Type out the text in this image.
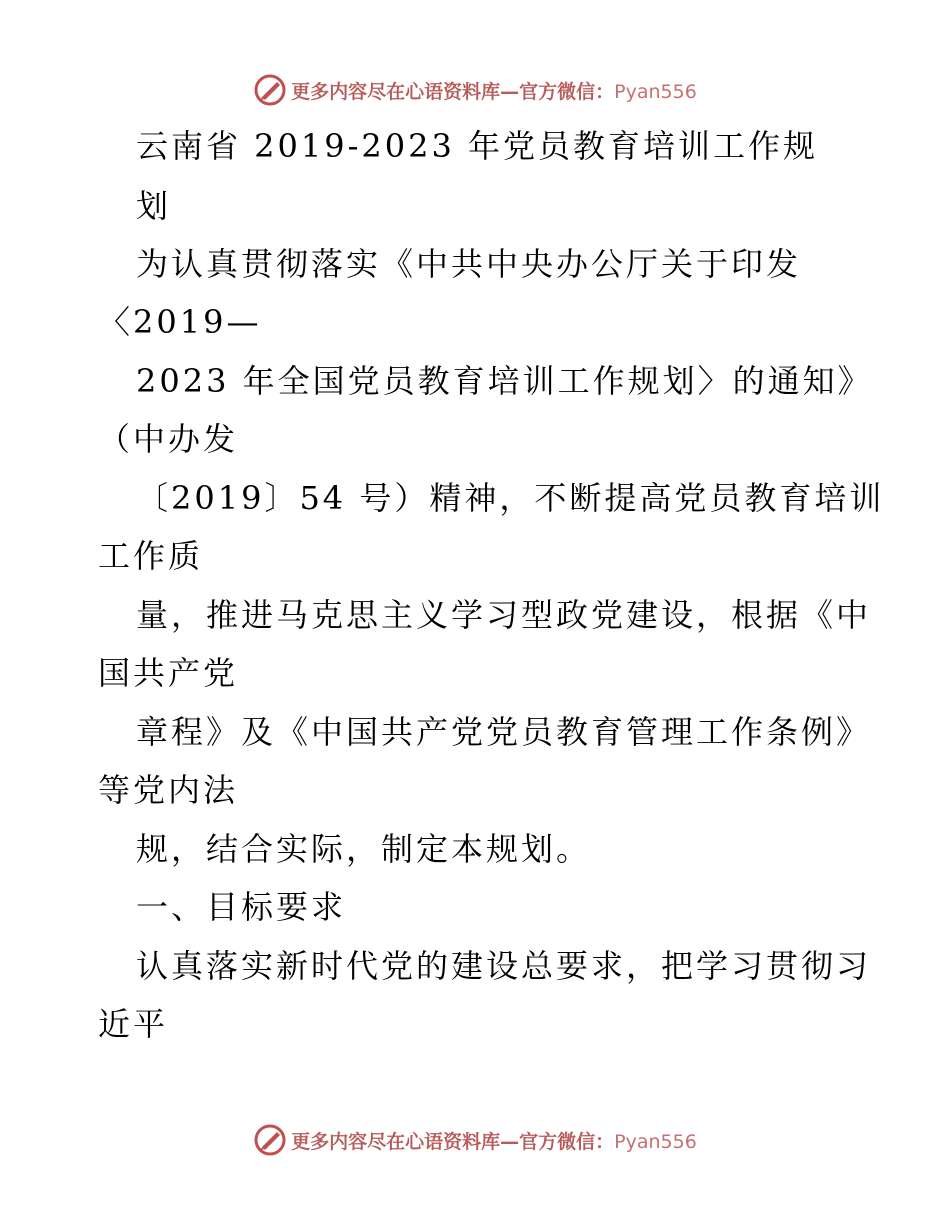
更多内容尽在心语资料库—官方微信：Pyan556
云南省 2019-2023 年党员教育培训工作规
划
为认真贯彻落实《中共中央办公厅关于印发
〈2019—
2023 年全国党员教育培训工作规划〉的通知》
（中办发
〔2019〕54 号）精神，不断提高党员教育培训
工作质
量，推进马克思主义学习型政党建设，根据《中
国共产党
章程》及《中国共产党党员教育管理工作条例》
等党内法
规，结合实际，制定本规划。
一、目标要求
认真落实新时代党的建设总要求，把学习贯彻习
近平
更多内容尽在心语资料库—官方微信：Pyan556
